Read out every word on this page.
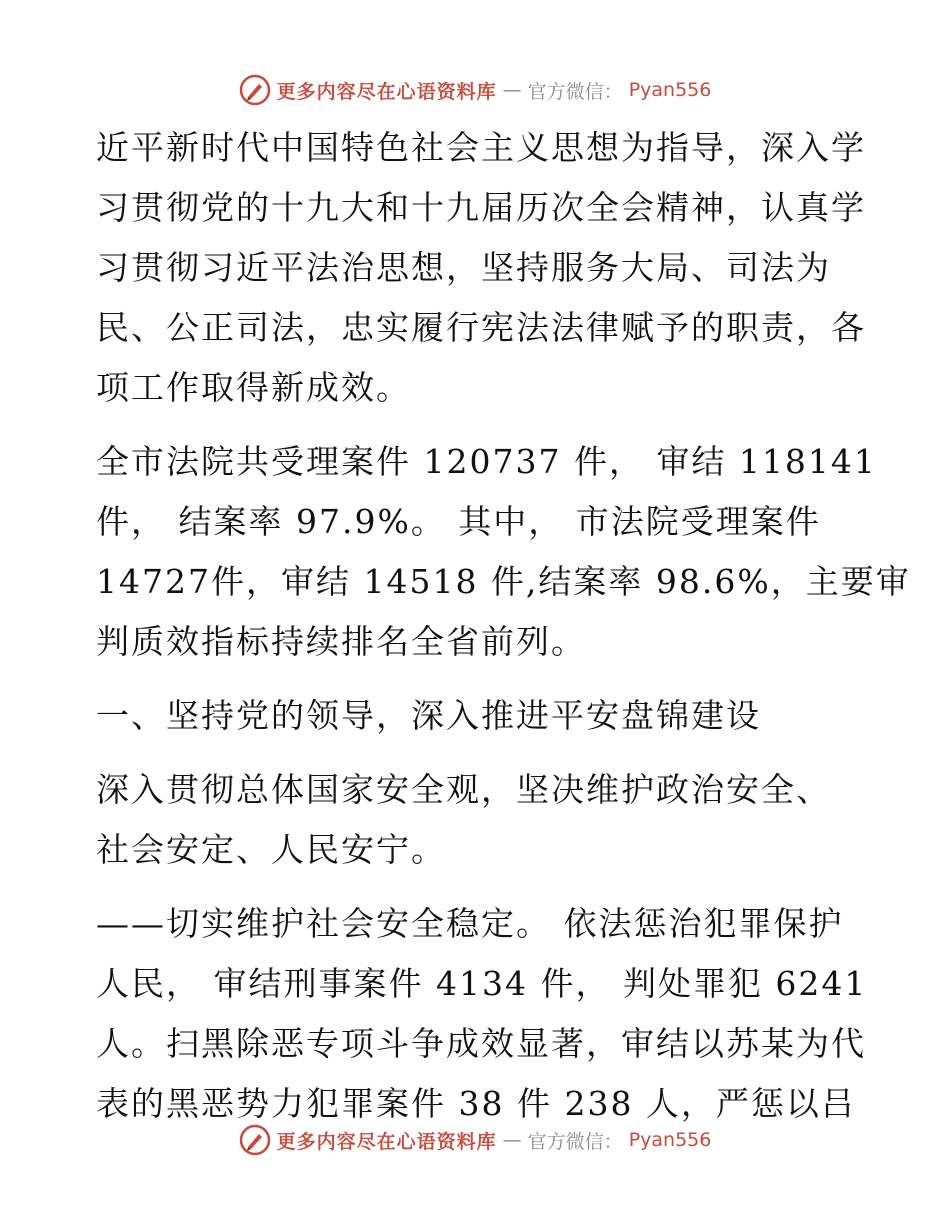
更多内容尽在心语资料库 — 官方微信： Pyan556

近平新时代中国特色社会主义思想为指导，深入学
习贯彻党的十九大和十九届历次全会精神，认真学
习贯彻习近平法治思想，坚持服务大局、司法为
民、公正司法，忠实履行宪法法律赋予的职责，各
项工作取得新成效。

全市法院共受理案件 120737 件， 审结 118141
件， 结案率 97.9%。 其中， 市法院受理案件
14727件，审结 14518 件,结案率 98.6%，主要审
判质效指标持续排名全省前列。

一、坚持党的领导，深入推进平安盘锦建设

深入贯彻总体国家安全观，坚决维护政治安全、
社会安定、人民安宁。

——切实维护社会安全稳定。 依法惩治犯罪保护
人民， 审结刑事案件 4134 件， 判处罪犯 6241
人。扫黑除恶专项斗争成效显著，审结以苏某为代
表的黑恶势力犯罪案件 38 件 238 人，严惩以吕

更多内容尽在心语资料库 — 官方微信： Pyan556
